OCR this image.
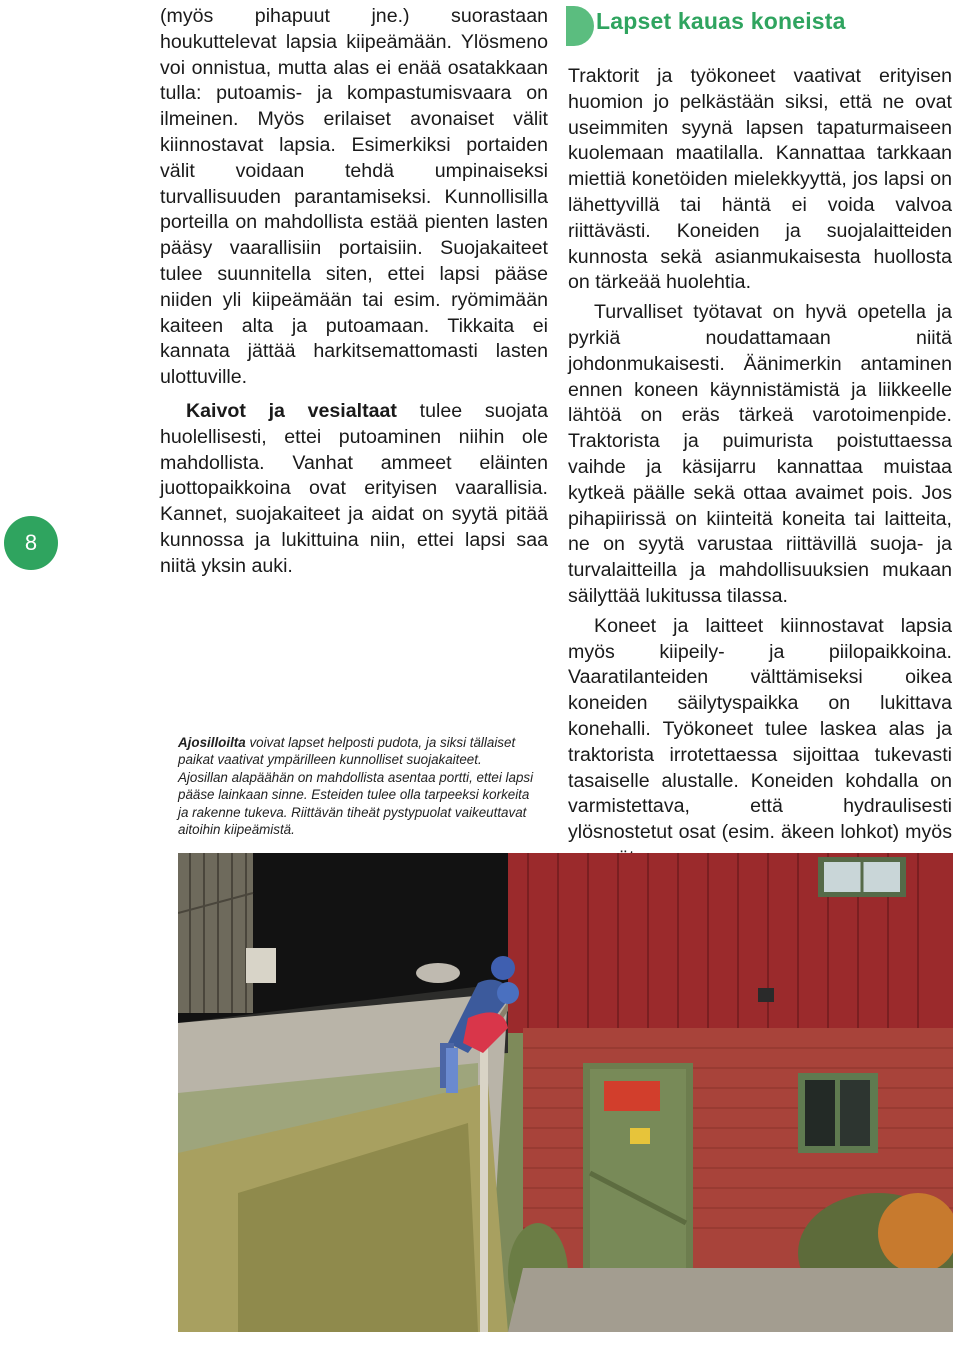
8

(myös pihapuut jne.) suorastaan houkuttelevat lapsia kiipeämään. Ylösmeno voi onnistua, mutta alas ei enää osatakkaan tulla: putoamis- ja kompastumisvaara on ilmeinen. Myös erilaiset avonaiset välit kiinnostavat lapsia. Esimerkiksi portaiden välit voidaan tehdä umpinaiseksi turvallisuuden parantamiseksi. Kunnollisilla porteilla on mahdollista estää pienten lasten pääsy vaarallisiin portaisiin. Suojakaiteet tulee suunnitella siten, ettei lapsi pääse niiden yli kiipeämään tai esim. ryömimään kaiteen alta ja putoamaan. Tikkaita ei kannata jättää harkitsemattomasti lasten ulottuville.

Kaivot ja vesialtaat tulee suojata huolellisesti, ettei putoaminen niihin ole mahdollista. Vanhat ammeet eläinten juottopaikkoina ovat erityisen vaarallisia. Kannet, suojakaiteet ja aidat on syytä pitää kunnossa ja lukittuina niin, ettei lapsi saa niitä yksin auki.

Lapset kauas koneista

Traktorit ja työkoneet vaativat erityisen huomion jo pelkästään siksi, että ne ovat useimmiten syynä lapsen tapaturmaiseen kuolemaan maatilalla. Kannattaa tarkkaan miettiä konetöiden mielekkyyttä, jos lapsi on lähettyvillä tai häntä ei voida valvoa riittävästi. Koneiden ja suojalaitteiden kunnosta sekä asianmukaisesta huollosta on tärkeää huolehtia.

Turvalliset työtavat on hyvä opetella ja pyrkiä noudattamaan niitä johdonmukaisesti. Äänimerkin antaminen ennen koneen käynnistämistä ja liikkeelle lähtöä on eräs tärkeä varotoimenpide. Traktorista ja puimurista poistuttaessa vaihde ja käsijarru kannattaa muistaa kytkeä päälle sekä ottaa avaimet pois. Jos pihapiirissä on kiinteitä koneita tai laitteita, ne on syytä varustaa riittävillä suoja- ja turvalaitteilla ja mahdollisuuksien mukaan säilyttää lukitussa tilassa.

Koneet ja laitteet kiinnostavat lapsia myös kiipeily- ja piilopaikkoina. Vaaratilanteiden välttämiseksi oikea koneiden säilytyspaikka on lukittava konehalli. Työkoneet tulee laskea alas ja traktorista irrotettaessa sijoittaa tukevasti tasaiselle alustalle. Koneiden kohdalla on varmistettava, että hydraulisesti ylösnostetut osat (esim. äkeen lohkot) myös

Ajosilloilta voivat lapset helposti pudota, ja siksi tällaiset paikat vaativat ympärilleen kunnolliset suojakaiteet. Ajosillan alapäähän on mahdollista asentaa portti, ettei lapsi pääse lainkaan sinne. Esteiden tulee olla tarpeeksi korkeita ja rakenne tukeva. Riittävän tiheät pystypuolat vaikeuttavat aitoihin kiipeämistä.
